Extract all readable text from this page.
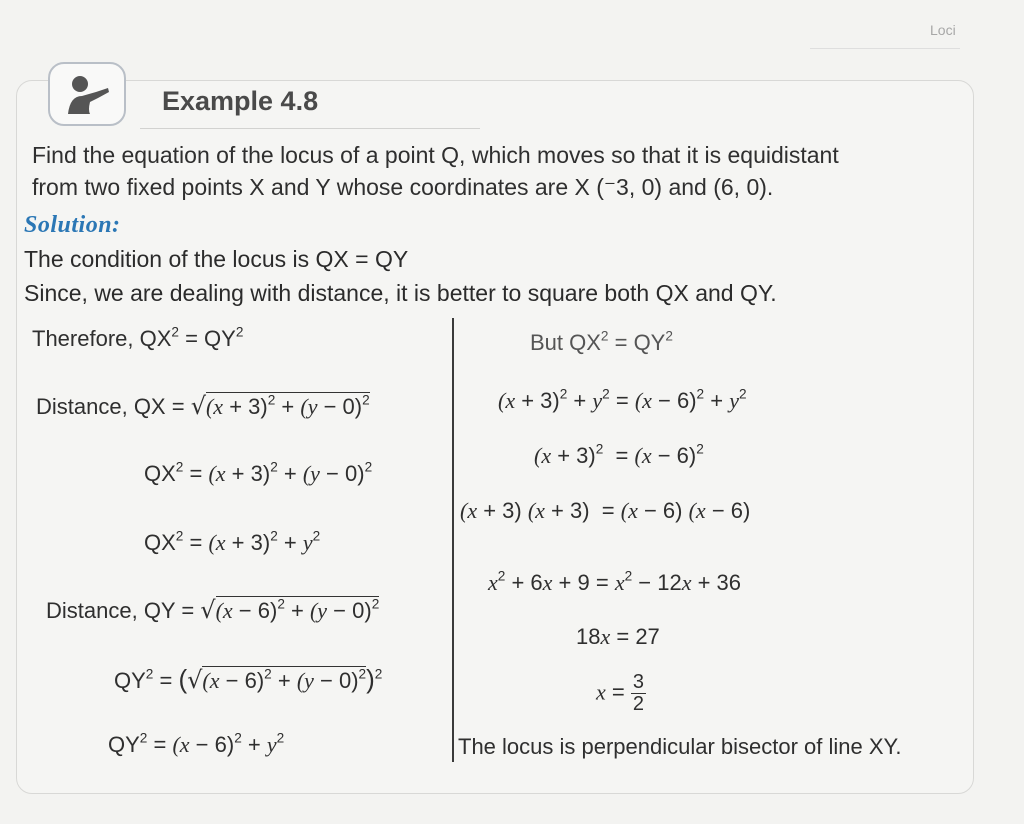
Loci
Example 4.8
Find the equation of the locus of a point Q, which moves so that it is equidistant
from two fixed points X and Y whose coordinates are X (⁻3, 0) and (6, 0).
Solution:
The condition of the locus is QX = QY
Since, we are dealing with distance, it is better to square both QX and QY.
Therefore, $QX^2 = QY^2$
Distance, QX = $√(x + 3)^2 + (y - 0)^2$
$QX^2 = (x + 3)^2 + (y - 0)^2$
$QX^2 = (x + 3)^2 + y^2$
Distance, QY = $√(x - 6)^2 + (y - 0)^2$
$QY^2 = (√(x - 6)^2 + (y - 0)^2)^2$
$QY^2 = (x - 6)^2 + y^2$
But $QX^2 = QY^2$
$(x + 3)^2 + y^2 = (x - 6)^2 + y^2$
$(x + 3)^2 = (x - 6)^2$
(x + 3) (x + 3)  = (x − 6) (x − 6)
$x^2 + 6x + 9 = x^2 - 12x + 36$
18x = 27
$x = \frac{3}{2}$
The locus is perpendicular bisector of line XY.
